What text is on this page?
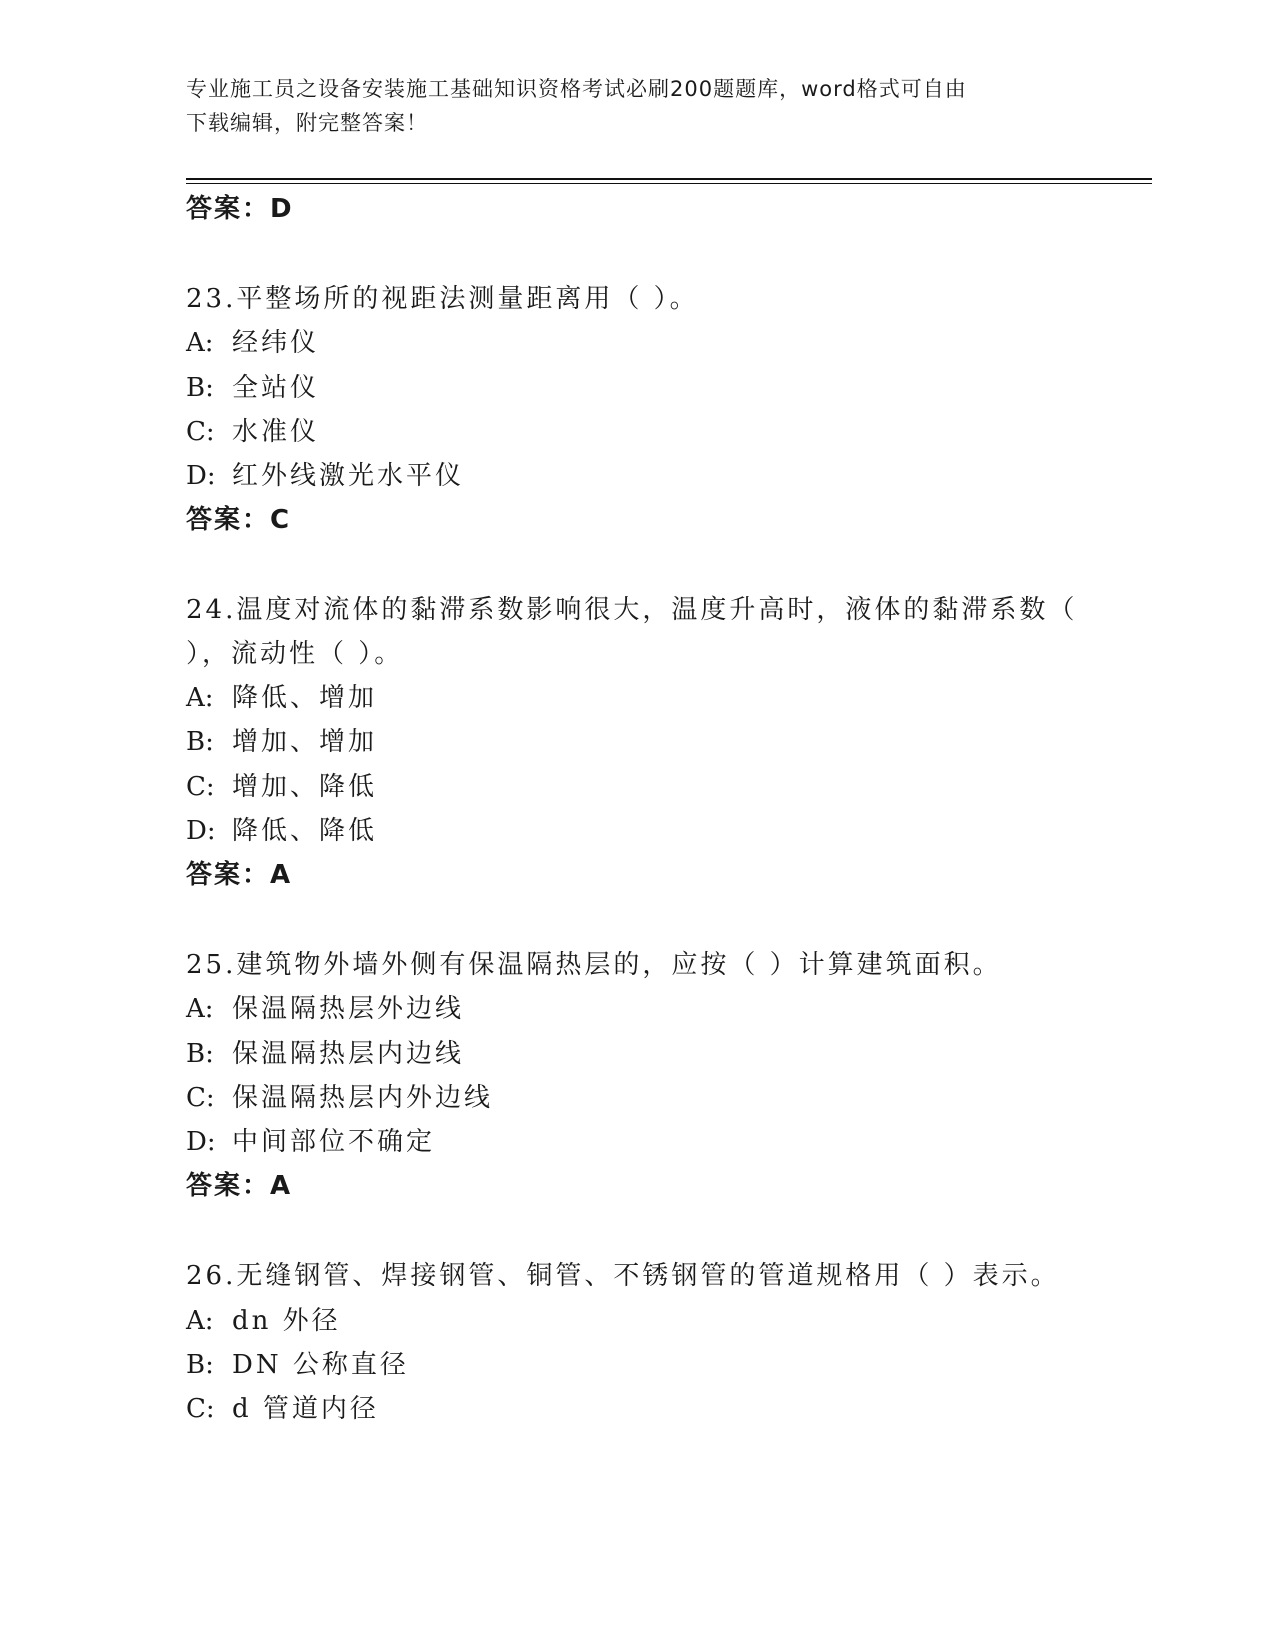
专业施工员之设备安装施工基础知识资格考试必刷200题题库，word格式可自由
下载编辑，附完整答案！
答案：D
23.平整场所的视距法测量距离用（ ）。
A: 经纬仪
B: 全站仪
C: 水准仪
D: 红外线激光水平仪
答案：C
24.温度对流体的黏滞系数影响很大，温度升高时，液体的黏滞系数（
），流动性（ ）。
A: 降低、增加
B: 增加、增加
C: 增加、降低
D: 降低、降低
答案：A
25.建筑物外墙外侧有保温隔热层的，应按（ ）计算建筑面积。
A: 保温隔热层外边线
B: 保温隔热层内边线
C: 保温隔热层内外边线
D: 中间部位不确定
答案：A
26.无缝钢管、焊接钢管、铜管、不锈钢管的管道规格用（ ）表示。
A: dn 外径
B: DN 公称直径
C: d 管道内径
